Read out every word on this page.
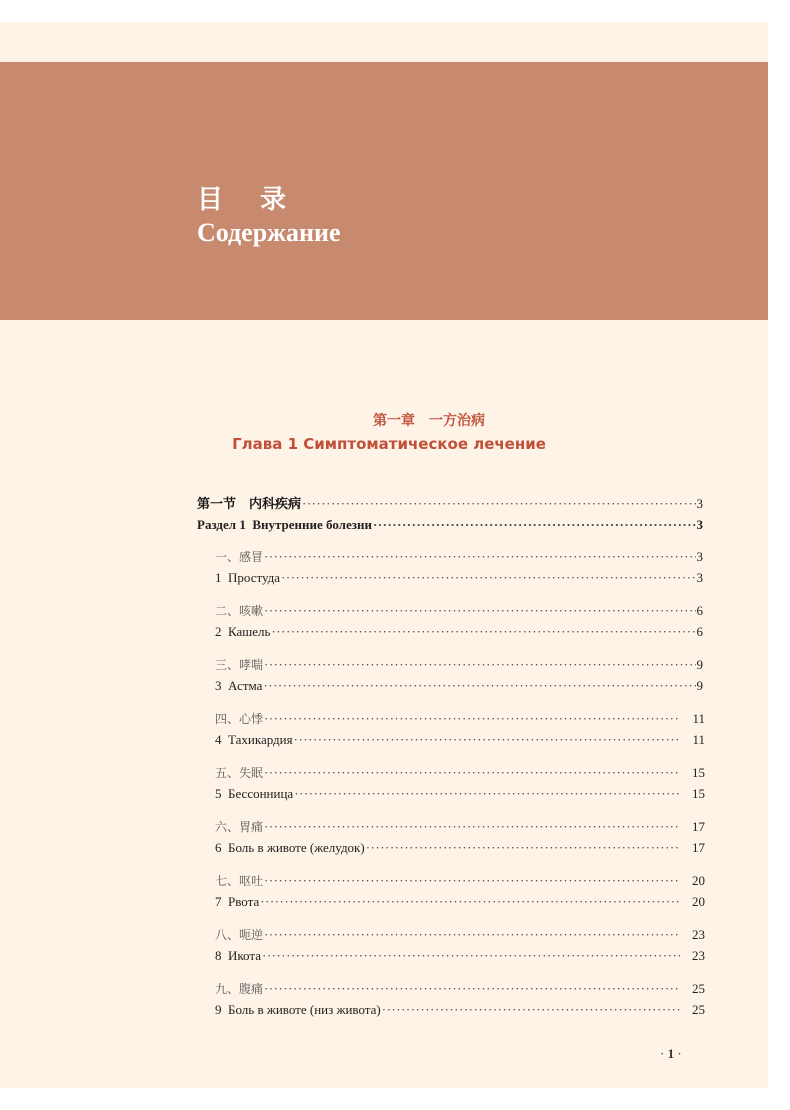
目 录
Содержание
第一章　一方治病
Глава 1 Симптоматическое лечение
第一节　内科疾病 ·····	3
Раздел 1  Внутренние болезни ·····	3
一、感冒 ·····	3
1  Простуда ·····	3
二、咳嗽 ·····	6
2  Кашель ·····	6
三、哮喘 ·····	9
3  Астма ·····	9
四、心悸 ·····	11
4  Тахикардия ·····	11
五、失眠 ·····	15
5  Бессонница ·····	15
六、胃痛 ·····	17
6  Боль в животе (желудок) ·····	17
七、呕吐 ·····	20
7  Рвота ·····	20
八、呃逆 ·····	23
8  Икота ·····	23
九、腹痛 ·····	25
9  Боль в животе (низ живота) ·····	25
· 1 ·
